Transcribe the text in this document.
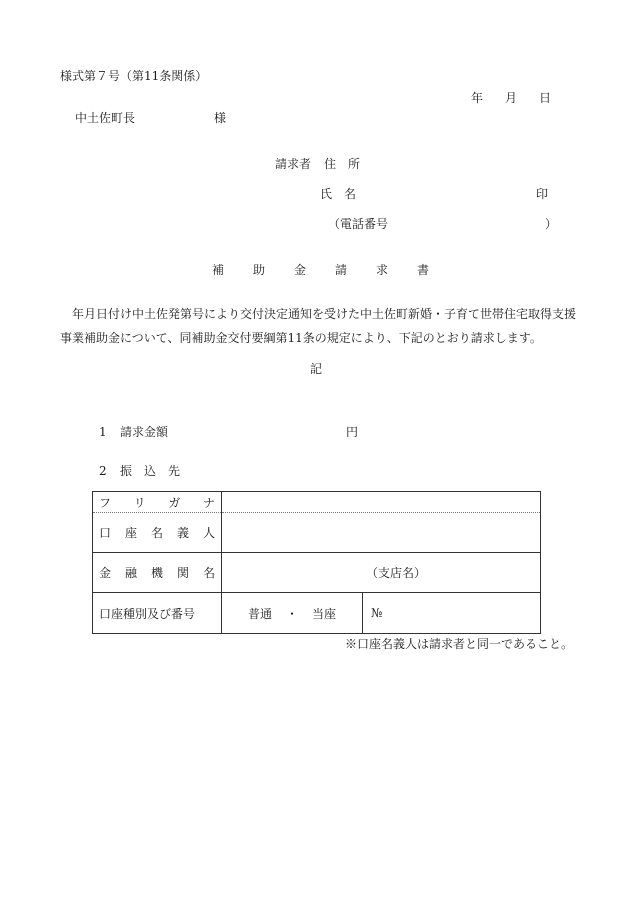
様式第７号（第11条関係）
年 月 日
中土佐町長	様
請求者 住　所
氏　名	印
（電話番号	）
補 助 金 請 求 書
年月日付け中土佐発第号により交付決定通知を受けた中土佐町新婚・子育て世帯住宅取得支援事業補助金について、同補助金交付要綱第11条の規定により、下記のとおり請求します。
記
1 請求金額	円
2 振　込　先
フ リ ガ ナ	

口 座 名 義 人	

金 融 機 関 名	（支店名）

口座種別及び番号	普通 ・ 当座 №
※口座名義人は請求者と同一であること。
